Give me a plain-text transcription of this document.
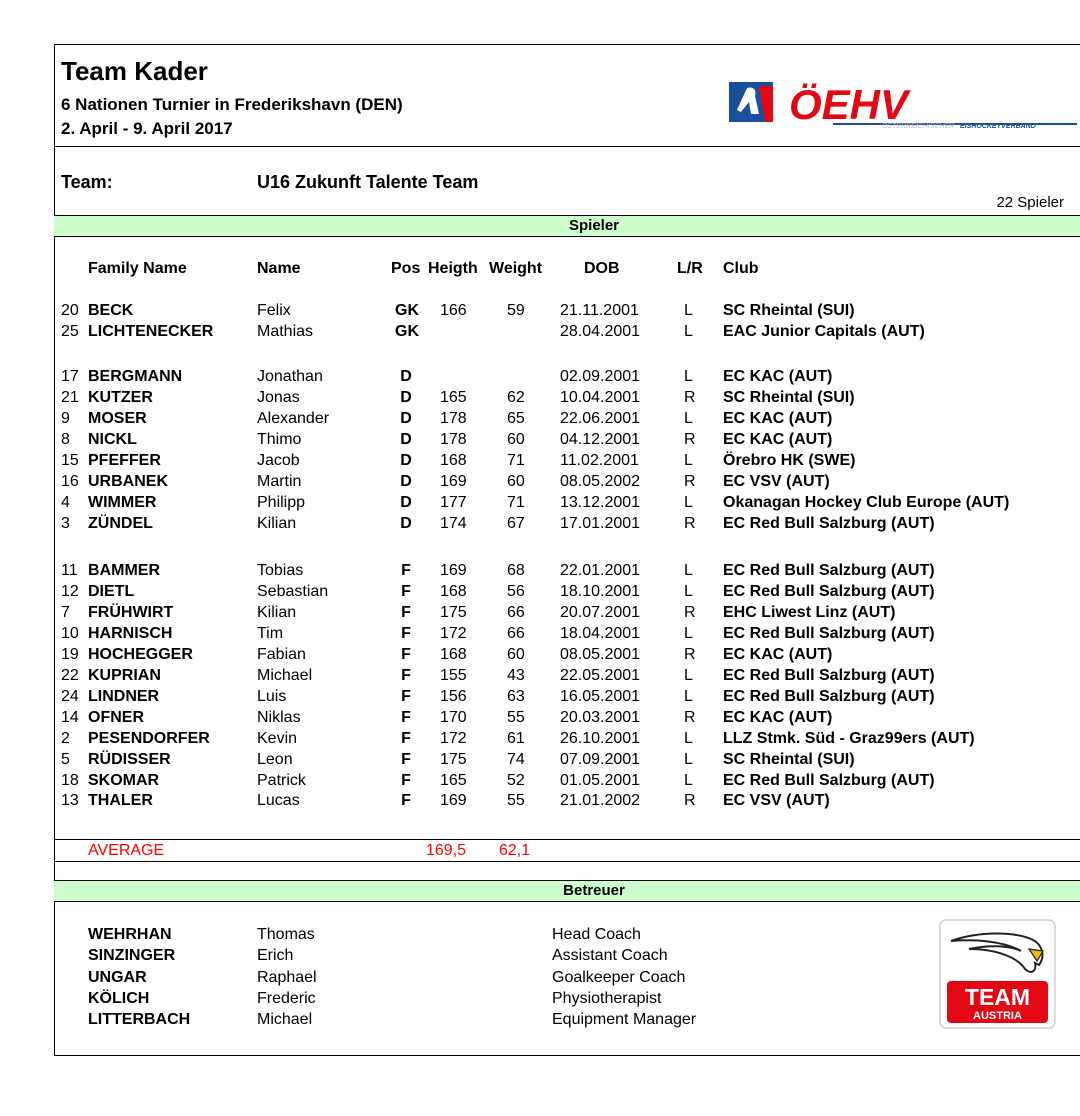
Team Kader
6 Nationen Turnier in Frederikshavn (DEN)
2. April - 9. April 2017
ÖEHV
ÖSTERREICHISCHER EISHOCKEYVERBAND
Team:	U16 Zukunft Talente Team
22 Spieler
Spieler
Family Name	Name	Pos Heigth Weight	DOB	L/R Club
20 BECK	Felix	GK 166	59 21.11.2001	L SC Rheintal (SUI)
25 LICHTENECKER	Mathias	GK	28.04.2001	L EAC Junior Capitals (AUT)
17 BERGMANN	Jonathan	D	02.09.2001	L EC KAC (AUT)
21 KUTZER	Jonas	D	165	62 10.04.2001	R SC Rheintal (SUI)
9	MOSER	Alexander	D	178	65 22.06.2001	L EC KAC (AUT)
8	NICKL	Thimo	D	178	60 04.12.2001	R EC KAC (AUT)
15 PFEFFER	Jacob	D	168	71 11.02.2001	L Örebro HK (SWE)
16 URBANEK	Martin	D	169	60 08.05.2002	R EC VSV (AUT)
4	WIMMER	Philipp	D	177	71 13.12.2001	L Okanagan Hockey Club Europe (AUT)
3	ZÜNDEL	Kilian	D	174	67 17.01.2001	R EC Red Bull Salzburg (AUT)
11 BAMMER	Tobias	F	169	68 22.01.2001	L EC Red Bull Salzburg (AUT)
12 DIETL	Sebastian	F	168	56 18.10.2001	L EC Red Bull Salzburg (AUT)
7	FRÜHWIRT	Kilian	F	175	66 20.07.2001	R EHC Liwest Linz (AUT)
10 HARNISCH	Tim	F	172	66 18.04.2001	L EC Red Bull Salzburg (AUT)
19 HOCHEGGER	Fabian	F	168	60 08.05.2001	R EC KAC (AUT)
22 KUPRIAN	Michael	F	155	43 22.05.2001	L EC Red Bull Salzburg (AUT)
24 LINDNER	Luis	F	156	63 16.05.2001	L EC Red Bull Salzburg (AUT)
14 OFNER	Niklas	F	170	55 20.03.2001	R EC KAC (AUT)
2	PESENDORFER	Kevin	F	172	61 26.10.2001	L LLZ Stmk. Süd - Graz99ers (AUT)
5	RÜDISSER	Leon	F	175	74 07.09.2001	L SC Rheintal (SUI)
18 SKOMAR	Patrick	F	165	52 01.05.2001	L EC Red Bull Salzburg (AUT)
13 THALER	Lucas	F	169	55 21.01.2002	R EC VSV (AUT)
AVERAGE	169,5 62,1
Betreuer
WEHRHAN	Thomas	Head Coach
SINZINGER	Erich	Assistant Coach
UNGAR	Raphael	Goalkeeper Coach
KÖLICH	Frederic	Physiotherapist
LITTERBACH	Michael	Equipment Manager
TEAM
AUSTRIA
